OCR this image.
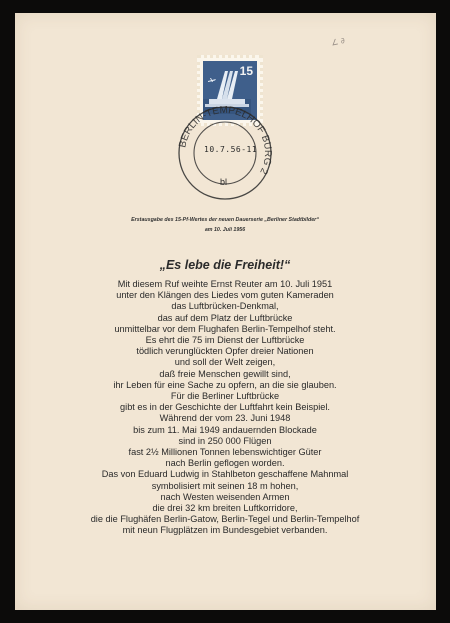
∠ ∂
15
BERLIN-TEMPELHOF BURG 2
10.7.56-11
bl
Erstausgabe des 15-Pf-Wertes der neuen Dauerserie „Berliner Stadtbilder“
am 10. Juli 1956
„Es lebe die Freiheit!“
Mit diesem Ruf weihte Ernst Reuter am 10. Juli 1951
unter den Klängen des Liedes vom guten Kameraden
das Luftbrücken-Denkmal,
das auf dem Platz der Luftbrücke
unmittelbar vor dem Flughafen Berlin-Tempelhof steht.
Es ehrt die 75 im Dienst der Luftbrücke
tödlich verunglückten Opfer dreier Nationen
und soll der Welt zeigen,
daß freie Menschen gewillt sind,
ihr Leben für eine Sache zu opfern, an die sie glauben.
Für die Berliner Luftbrücke
gibt es in der Geschichte der Luftfahrt kein Beispiel.
Während der vom 23. Juni 1948
bis zum 11. Mai 1949 andauernden Blockade
sind in 250 000 Flügen
fast 2½ Millionen Tonnen lebenswichtiger Güter
nach Berlin geflogen worden.
Das von Eduard Ludwig in Stahlbeton geschaffene Mahnmal
symbolisiert mit seinen 18 m hohen,
nach Westen weisenden Armen
die drei 32 km breiten Luftkorridore,
die die Flughäfen Berlin-Gatow, Berlin-Tegel und Berlin-Tempelhof
mit neun Flugplätzen im Bundesgebiet verbanden.
